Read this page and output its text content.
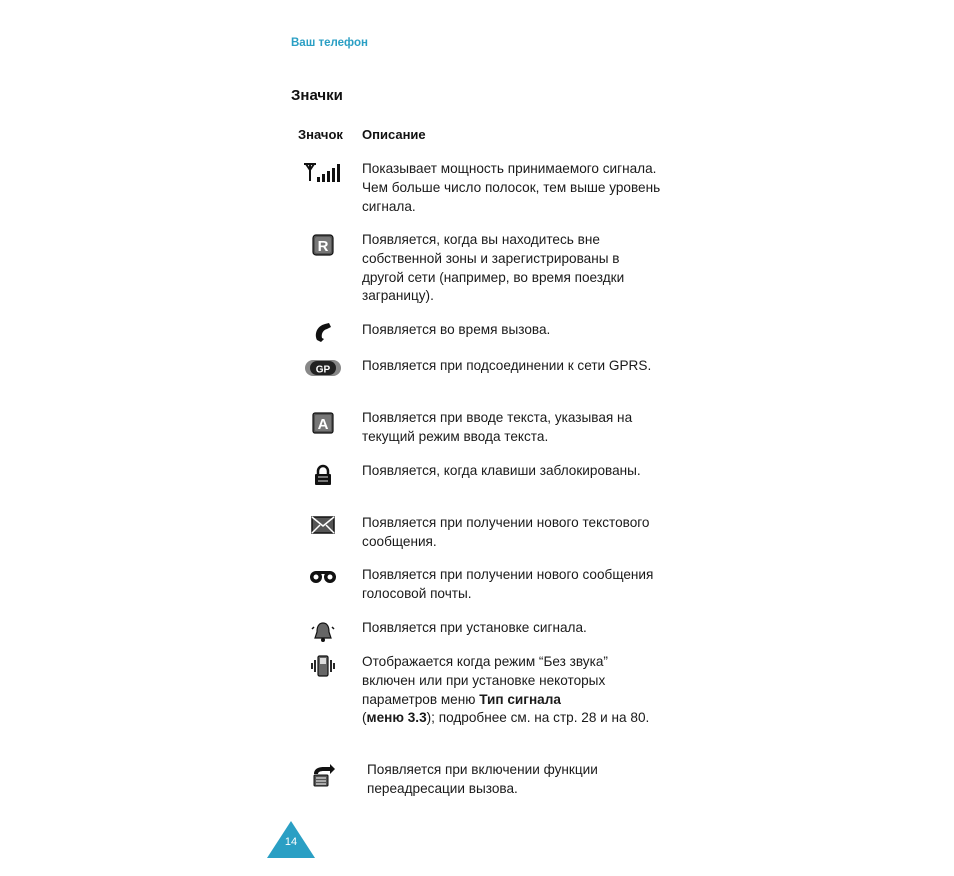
Ваш телефон
Значки
Значок Описание
Показывает мощность принимаемого сигнала. Чем больше число полосок, тем выше уровень сигнала.
R Появляется, когда вы находитесь вне собственной зоны и зарегистрированы в другой сети (например, во время поездки заграницу).
Появляется во время вызова.
GP Появляется при подсоединении к сети GPRS.
A Появляется при вводе текста, указывая на текущий режим ввода текста.
Появляется, когда клавиши заблокированы.
Появляется при получении нового текстового сообщения.
Появляется при получении нового сообщения голосовой почты.
Появляется при установке сигнала.
Отображается когда режим “Без звука” включен или при установке некоторых параметров меню Тип сигнала
(меню 3.3); подробнее см. на стр. 28 и на 80.
Появляется при включении функции переадресации вызова.
14
